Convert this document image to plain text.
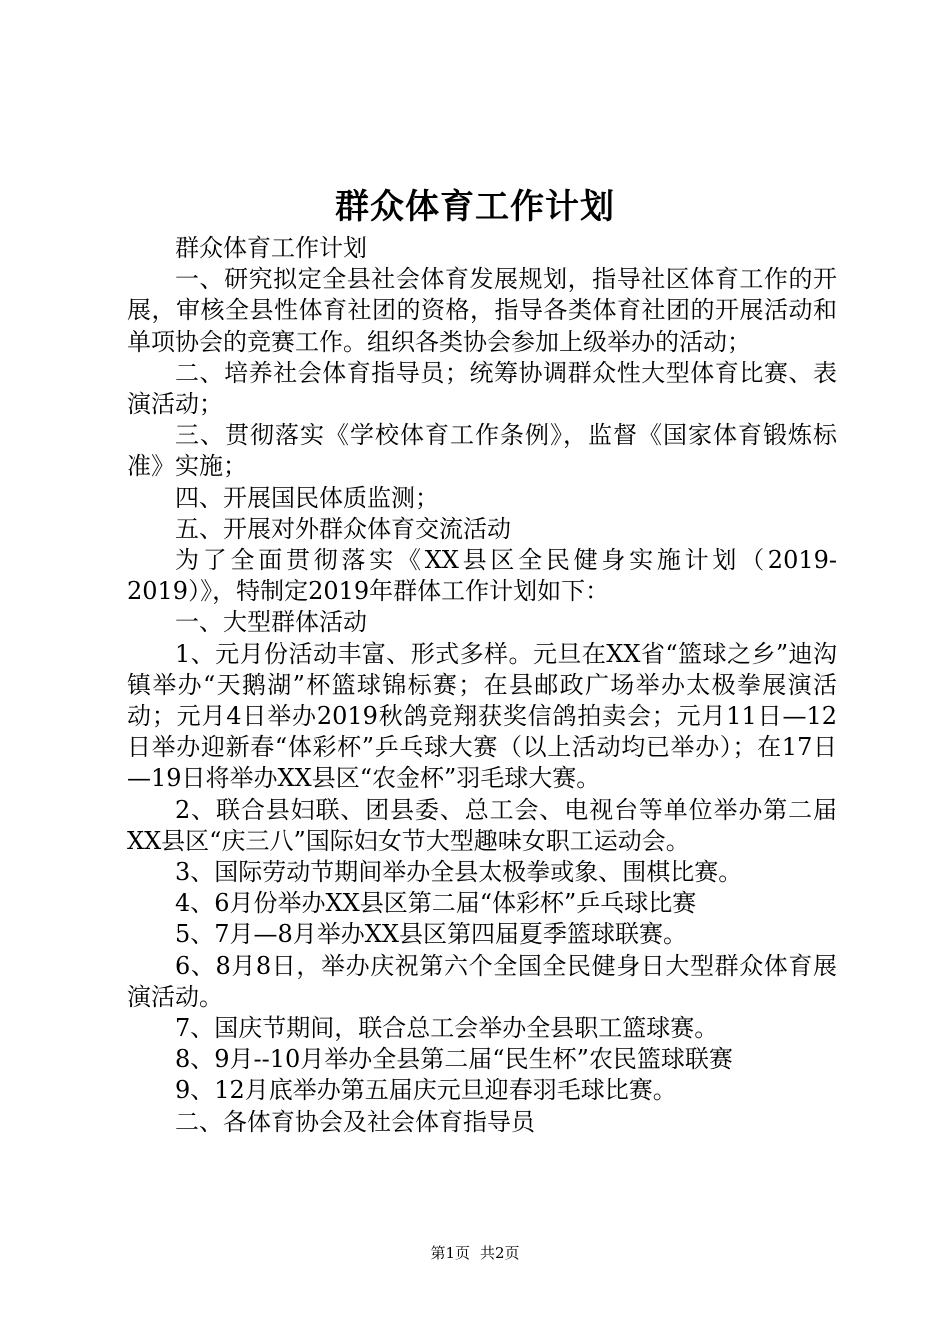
群众体育工作计划

群众体育工作计划

一、研究拟定全县社会体育发展规划，指导社区体育工作的开展，审核全县性体育社团的资格，指导各类体育社团的开展活动和单项协会的竞赛工作。组织各类协会参加上级举办的活动；

二、培养社会体育指导员；统筹协调群众性大型体育比赛、表演活动；

三、贯彻落实《学校体育工作条例》，监督《国家体育锻炼标准》实施；

四、开展国民体质监测；

五、开展对外群众体育交流活动

为了全面贯彻落实《XX县区全民健身实施计划（2019-2019）》，特制定2019年群体工作计划如下：

一、大型群体活动

1、元月份活动丰富、形式多样。元旦在XX省“篮球之乡”迪沟镇举办“天鹅湖”杯篮球锦标赛；在县邮政广场举办太极拳展演活动；元月4日举办2019秋鸽竞翔获奖信鸽拍卖会；元月11日—12日举办迎新春“体彩杯”乒乓球大赛（以上活动均已举办）；在17日—19日将举办XX县区“农金杯”羽毛球大赛。

2、联合县妇联、团县委、总工会、电视台等单位举办第二届XX县区“庆三八”国际妇女节大型趣味女职工运动会。

3、国际劳动节期间举办全县太极拳或象、围棋比赛。

4、6月份举办XX县区第二届“体彩杯”乒乓球比赛

5、7月—8月举办XX县区第四届夏季篮球联赛。

6、8月8日，举办庆祝第六个全国全民健身日大型群众体育展演活动。

7、国庆节期间，联合总工会举办全县职工篮球赛。

8、9月--10月举办全县第二届“民生杯”农民篮球联赛

9、12月底举办第五届庆元旦迎春羽毛球比赛。

二、各体育协会及社会体育指导员

第1页 共2页
